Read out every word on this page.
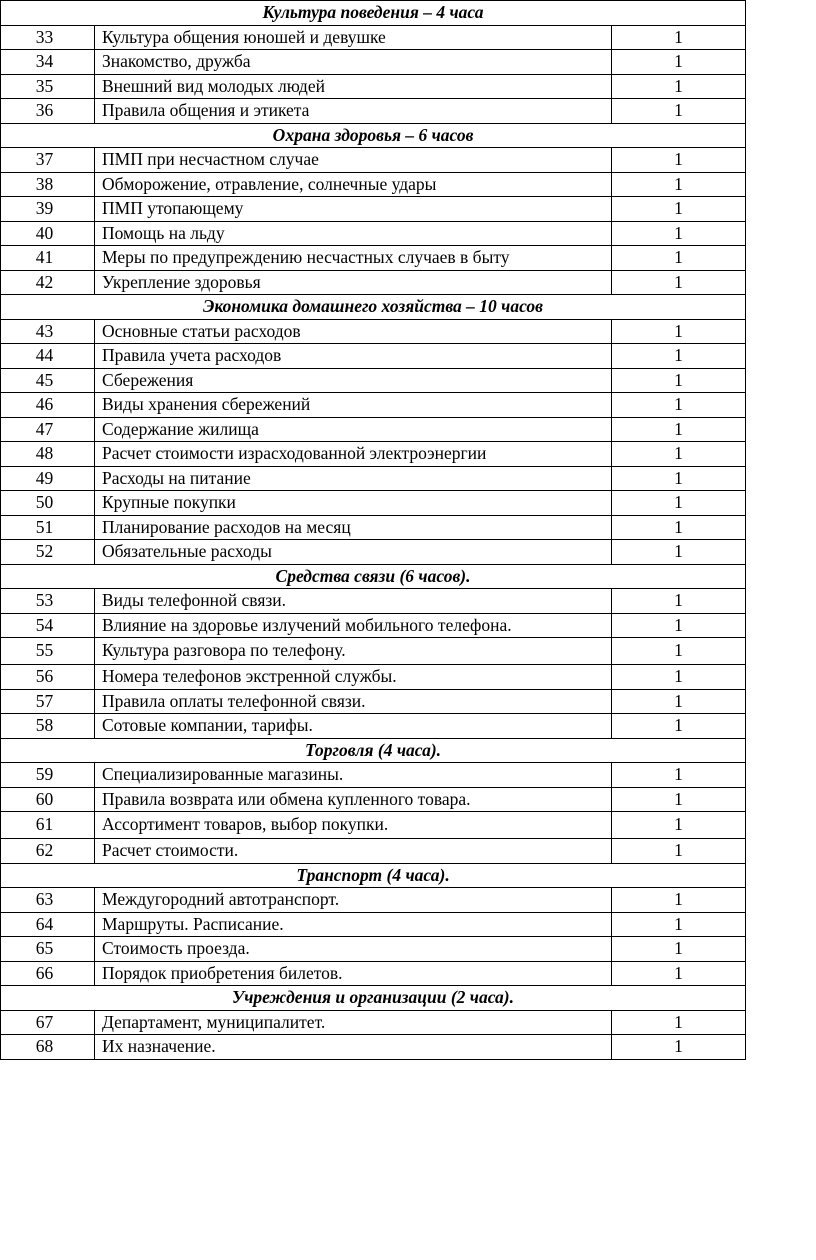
Культура поведения – 4 часа		
33	Культура общения юношей и девушке	1
34	Знакомство, дружба	1
35	Внешний вид молодых людей	1
36	Правила общения и этикета	1
Охрана здоровья – 6 часов		
37	ПМП при несчастном случае	1
38	Обморожение, отравление, солнечные удары	1
39	ПМП утопающему	1
40	Помощь на льду	1
41	Меры по предупреждению несчастных случаев в быту	1
42	Укрепление здоровья	1
Экономика домашнего хозяйства – 10 часов		
43	Основные статьи расходов	1
44	Правила учета расходов	1
45	Сбережения	1
46	Виды хранения сбережений	1
47	Содержание жилища	1
48	Расчет стоимости израсходованной электроэнергии	1
49	Расходы на питание	1
50	Крупные покупки	1
51	Планирование расходов на месяц	1
52	Обязательные расходы	1
Средства связи (6 часов).		
53	Виды телефонной связи.	1
54	Влияние на здоровье излучений мобильного телефона.	1
55	Культура разговора по телефону.	1
56	Номера телефонов экстренной службы.	1
57	Правила оплаты телефонной связи.	1
58	Сотовые компании, тарифы.	1
Торговля (4 часа).		
59	Специализированные магазины.	1
60	Правила возврата или обмена купленного товара.	1
61	Ассортимент товаров, выбор покупки.	1
62	Расчет стоимости.	1
Транспорт (4 часа).		
63	Междугородний автотранспорт.	1
64	Маршруты. Расписание.	1
65	Стоимость проезда.	1
66	Порядок приобретения билетов.	1
Учреждения и организации (2 часа).		
67	Департамент, муниципалитет.	1
68	Их назначение.	1
